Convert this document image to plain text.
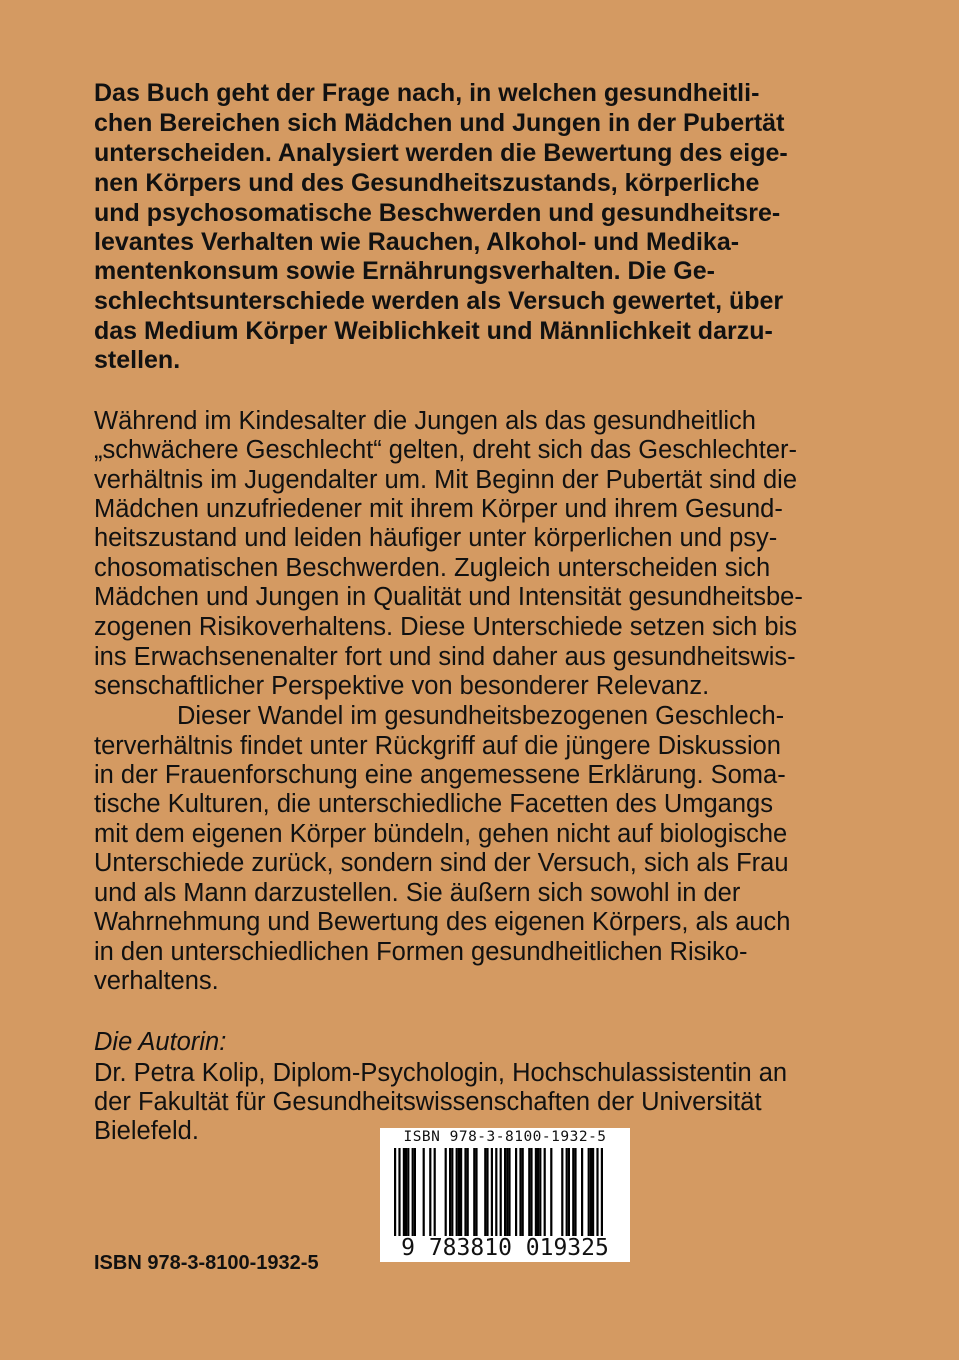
Das Buch geht der Frage nach, in welchen gesundheitli-
chen Bereichen sich Mädchen und Jungen in der Pubertät
unterscheiden. Analysiert werden die Bewertung des eige-
nen Körpers und des Gesundheitszustands, körperliche
und psychosomatische Beschwerden und gesundheitsre-
levantes Verhalten wie Rauchen, Alkohol- und Medika-
mentenkonsum sowie Ernährungsverhalten. Die Ge-
schlechtsunterschiede werden als Versuch gewertet, über
das Medium Körper Weiblichkeit und Männlichkeit darzu-
stellen.
Während im Kindesalter die Jungen als das gesundheitlich
„schwächere Geschlecht“ gelten, dreht sich das Geschlechter-
verhältnis im Jugendalter um. Mit Beginn der Pubertät sind die
Mädchen unzufriedener mit ihrem Körper und ihrem Gesund-
heitszustand und leiden häufiger unter körperlichen und psy-
chosomatischen Beschwerden. Zugleich unterscheiden sich
Mädchen und Jungen in Qualität und Intensität gesundheitsbe-
zogenen Risikoverhaltens. Diese Unterschiede setzen sich bis
ins Erwachsenenalter fort und sind daher aus gesundheitswis-
senschaftlicher Perspektive von besonderer Relevanz.
Dieser Wandel im gesundheitsbezogenen Geschlech-
terverhältnis findet unter Rückgriff auf die jüngere Diskussion
in der Frauenforschung eine angemessene Erklärung. Soma-
tische Kulturen, die unterschiedliche Facetten des Umgangs
mit dem eigenen Körper bündeln, gehen nicht auf biologische
Unterschiede zurück, sondern sind der Versuch, sich als Frau
und als Mann darzustellen. Sie äußern sich sowohl in der
Wahrnehmung und Bewertung des eigenen Körpers, als auch
in den unterschiedlichen Formen gesundheitlichen Risiko-
verhaltens.
Die Autorin:
Dr. Petra Kolip, Diplom-Psychologin, Hochschulassistentin an
der Fakultät für Gesundheitswissenschaften der Universität
Bielefeld.	ISBN 978-3-8100-1932-5
9 783810 019325
ISBN 978-3-8100-1932-5
